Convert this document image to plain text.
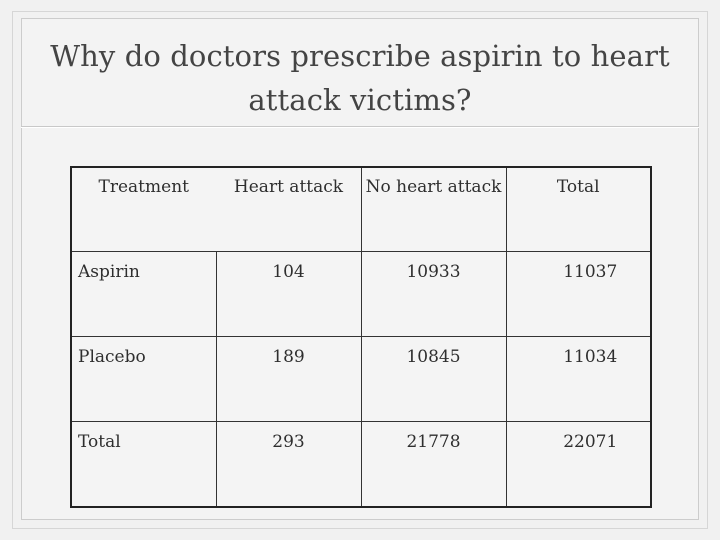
Why do doctors prescribe aspirin to heart attack victims?
Treatment	Heart attack	No heart attack	Total
Aspirin	104	10933	11037
Placebo	189	10845	11034
Total	293	21778	22071
